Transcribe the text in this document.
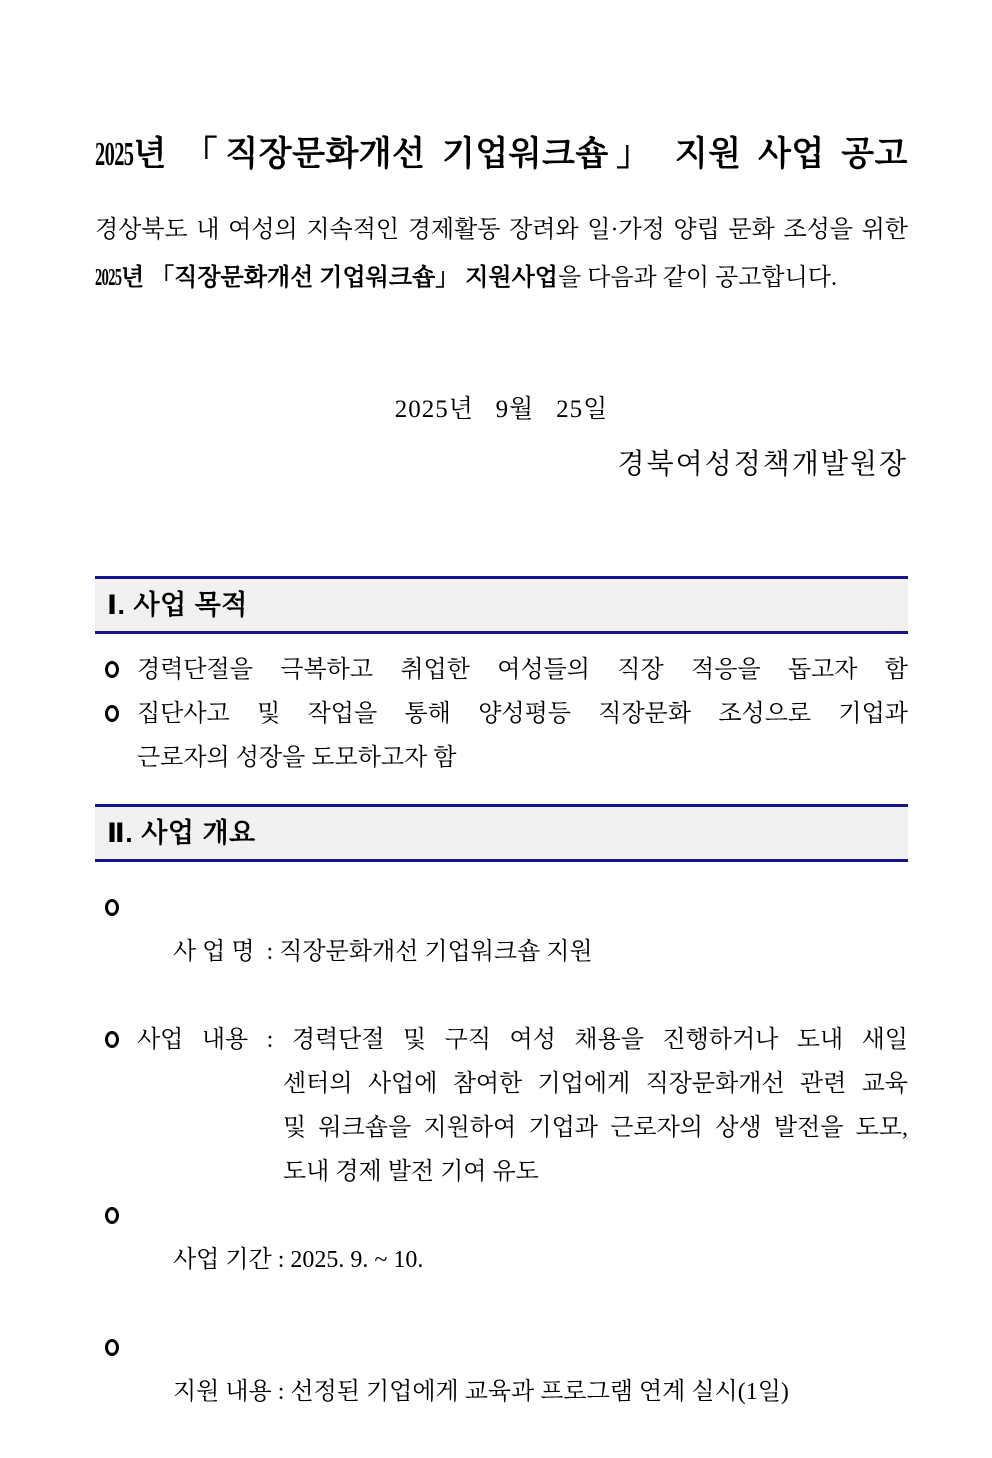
2025년 「직장문화개선 기업워크숍」 지원 사업 공고
경상북도 내 여성의 지속적인 경제활동 장려와 일·가정 양립 문화 조성을 위한
2025년 「직장문화개선 기업워크숍」 지원사업을 다음과 같이 공고합니다.
2025년   9월   25일
경북여성정책개발원장
Ⅰ. 사업 목적
경력단절을 극복하고 취업한 여성들의 직장 적응을 돕고자 함
집단사고 및 작업을 통해 양성평등 직장문화 조성으로 기업과
근로자의 성장을 도모하고자 함
Ⅱ. 사업 개요

사 업 명  : 직장문화개선 기업워크숍 지원

사업 내용 : 경력단절 및 구직 여성 채용을 진행하거나 도내 새일
센터의 사업에 참여한 기업에게 직장문화개선 관련 교육
및 워크숍을 지원하여 기업과 근로자의 상생 발전을 도모,
도내 경제 발전 기여 유도

사업 기간 : 2025. 9. ~ 10.

지원 내용 : 선정된 기업에게 교육과 프로그램 연계 실시(1일)
